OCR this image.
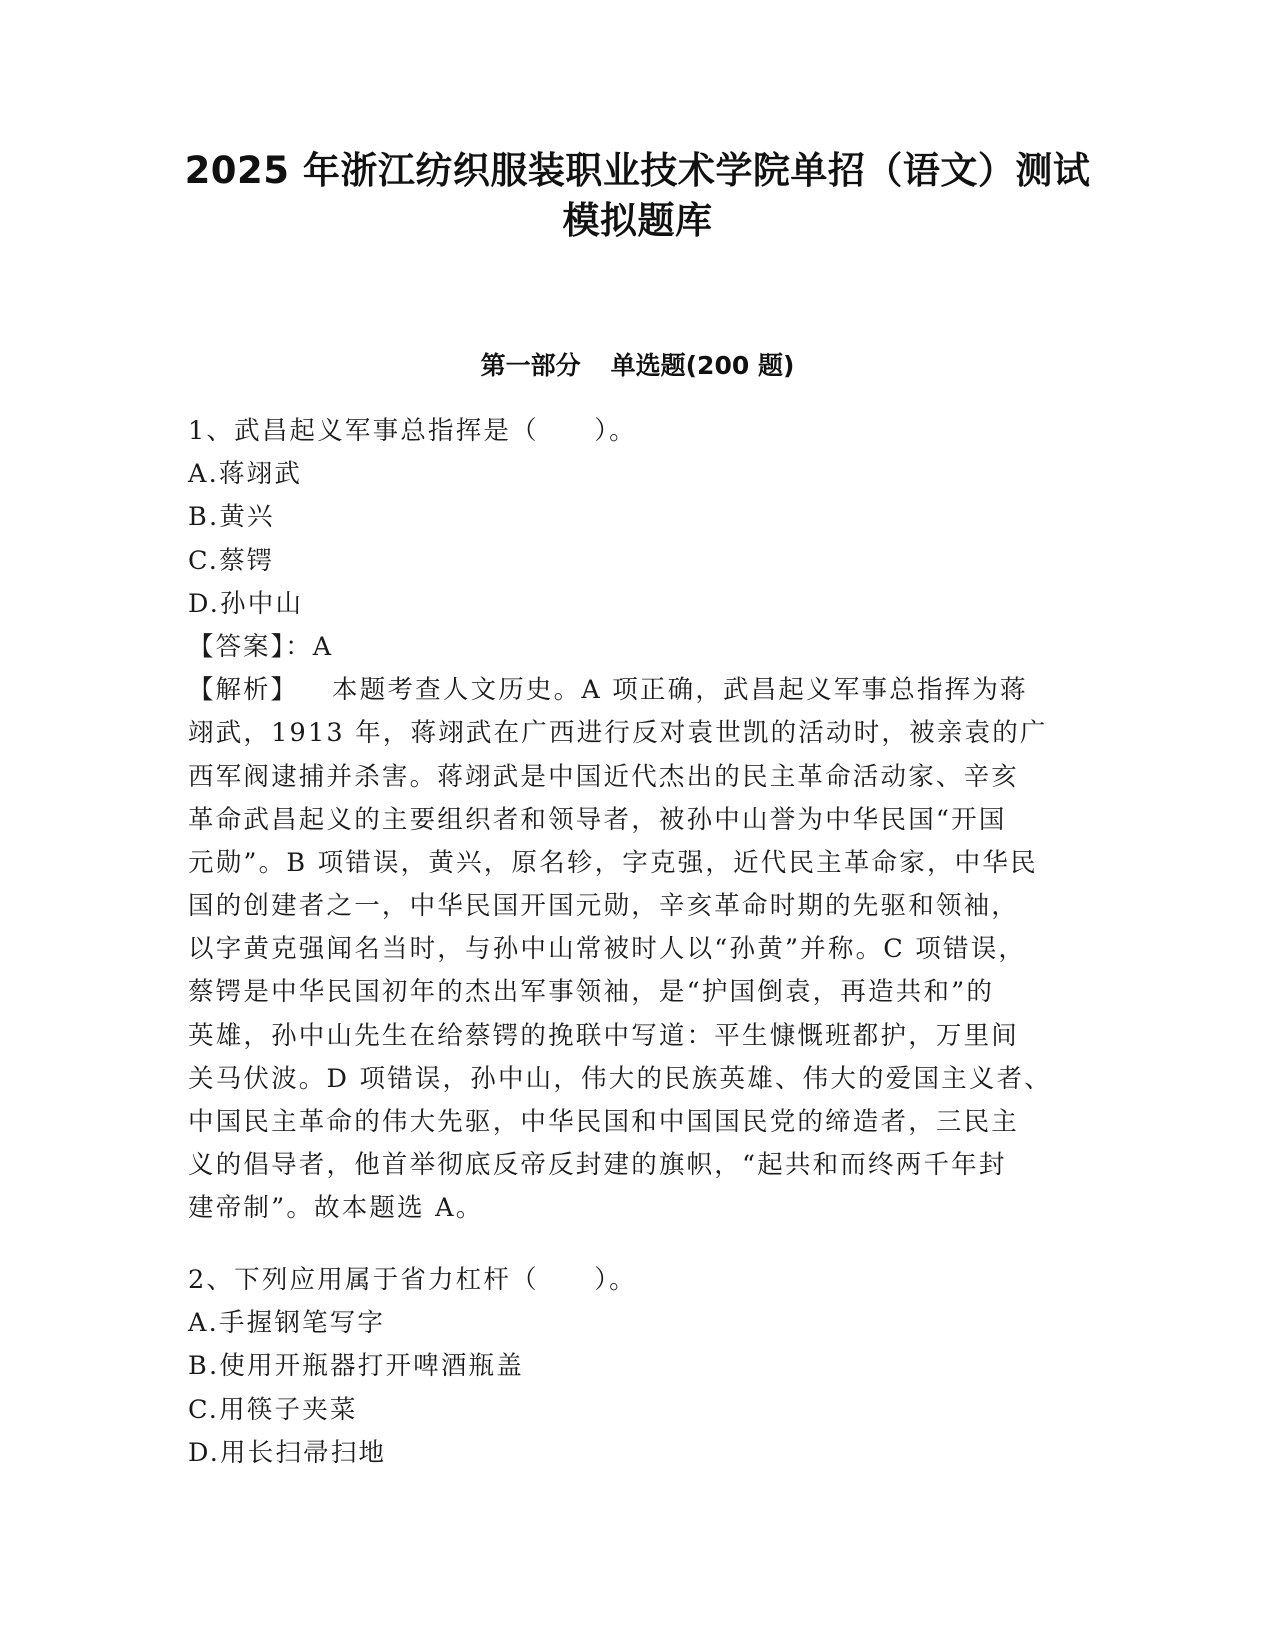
2025 年浙江纺织服装职业技术学院单招（语文）测试
模拟题库
第一部分 单选题(200 题)
1、武昌起义军事总指挥是（　　）。
A.蒋翊武
B.黄兴
C.蔡锷
D.孙中山
【答案】：A
【解析】 本题考查人文历史。A 项正确，武昌起义军事总指挥为蒋
翊武，1913 年，蒋翊武在广西进行反对袁世凯的活动时，被亲袁的广
西军阀逮捕并杀害。蒋翊武是中国近代杰出的民主革命活动家、辛亥
革命武昌起义的主要组织者和领导者，被孙中山誉为中华民国“开国
元勋”。B 项错误，黄兴，原名轸，字克强，近代民主革命家，中华民
国的创建者之一，中华民国开国元勋，辛亥革命时期的先驱和领袖，
以字黄克强闻名当时，与孙中山常被时人以“孙黄”并称。C 项错误，
蔡锷是中华民国初年的杰出军事领袖，是“护国倒袁，再造共和”的
英雄，孙中山先生在给蔡锷的挽联中写道：平生慷慨班都护，万里间
关马伏波。D 项错误，孙中山，伟大的民族英雄、伟大的爱国主义者、
中国民主革命的伟大先驱，中华民国和中国国民党的缔造者，三民主
义的倡导者，他首举彻底反帝反封建的旗帜，“起共和而终两千年封
建帝制”。故本题选 A。
2、下列应用属于省力杠杆（　　）。
A.手握钢笔写字
B.使用开瓶器打开啤酒瓶盖
C.用筷子夹菜
D.用长扫帚扫地
